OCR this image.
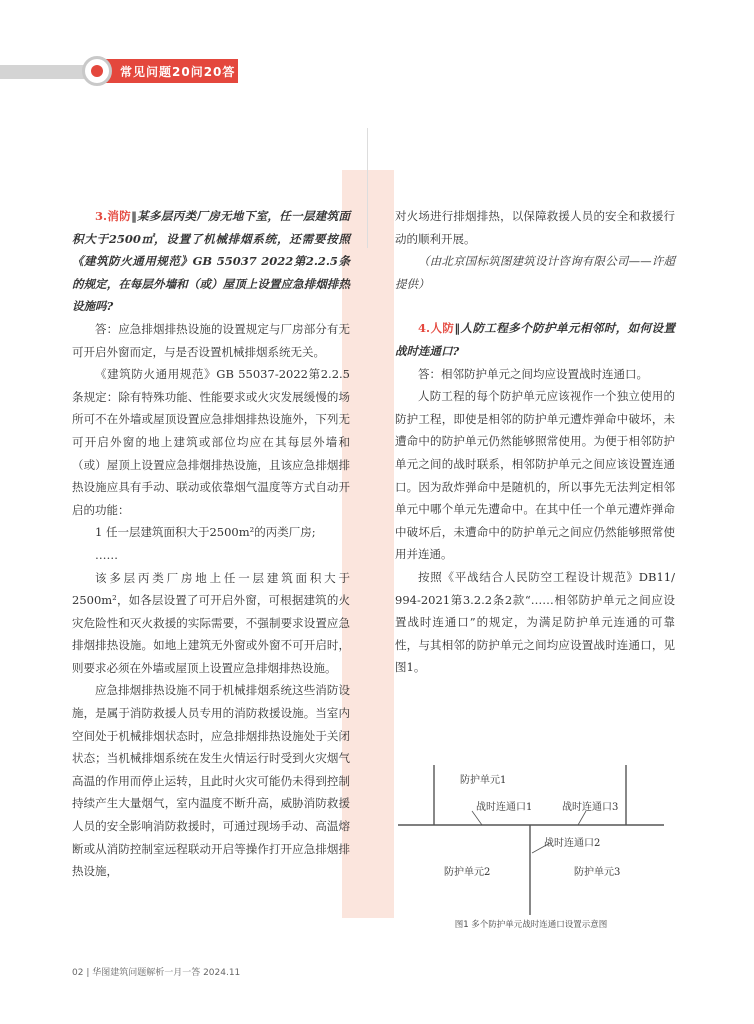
常见问题20问20答

3.消防‖某多层丙类厂房无地下室，任一层建筑面积大于2500㎡，设置了机械排烟系统，还需要按照《建筑防火通用规范》GB 55037 2022第2.2.5条的规定，在每层外墙和（或）屋顶上设置应急排烟排热设施吗?

答：应急排烟排热设施的设置规定与厂房部分有无可开启外窗而定，与是否设置机械排烟系统无关。

《建筑防火通用规范》GB 55037-2022第2.2.5条规定：除有特殊功能、性能要求或火灾发展缓慢的场所可不在外墙或屋顶设置应急排烟排热设施外，下列无可开启外窗的地上建筑或部位均应在其每层外墙和（或）屋顶上设置应急排烟排热设施，且该应急排烟排热设施应具有手动、联动或依靠烟气温度等方式自动开启的功能：

1 任一层建筑面积大于2500m²的丙类厂房;

……

该多层丙类厂房地上任一层建筑面积大于2500m²，如各层设置了可开启外窗，可根据建筑的火灾危险性和灭火救援的实际需要，不强制要求设置应急排烟排热设施。如地上建筑无外窗或外窗不可开启时，则要求必须在外墙或屋顶上设置应急排烟排热设施。

应急排烟排热设施不同于机械排烟系统这些消防设施，是属于消防救援人员专用的消防救援设施。当室内空间处于机械排烟状态时，应急排烟排热设施处于关闭状态；当机械排烟系统在发生火情运行时受到火灾烟气高温的作用而停止运转，且此时火灾可能仍未得到控制持续产生大量烟气，室内温度不断升高，威胁消防救援人员的安全影响消防救援时，可通过现场手动、高温熔断或从消防控制室远程联动开启等操作打开应急排烟排热设施，

对火场进行排烟排热，以保障救援人员的安全和救援行动的顺利开展。

（由北京国标筑图建筑设计咨询有限公司——许超提供）

4.人防‖人防工程多个防护单元相邻时，如何设置战时连通口?

答：相邻防护单元之间均应设置战时连通口。

人防工程的每个防护单元应该视作一个独立使用的防护工程，即使是相邻的防护单元遭炸弹命中破坏，未遭命中的防护单元仍然能够照常使用。为便于相邻防护单元之间的战时联系，相邻防护单元之间应该设置连通口。因为敌炸弹命中是随机的，所以事先无法判定相邻单元中哪个单元先遭命中。在其中任一个单元遭炸弹命中破坏后，未遭命中的防护单元之间应仍然能够照常使用并连通。

按照《平战结合人民防空工程设计规范》DB11/ 994-2021第3.2.2条2款“……相邻防护单元之间应设置战时连通口”的规定，为满足防护单元连通的可靠性，与其相邻的防护单元之间均应设置战时连通口，见图1。

防护单元1
战时连通口1	战时连通口3
战时连通口2
防护单元2	防护单元3
图1 多个防护单元战时连通口设置示意图
02 | 华图建筑问题解析一月一答 2024.11
